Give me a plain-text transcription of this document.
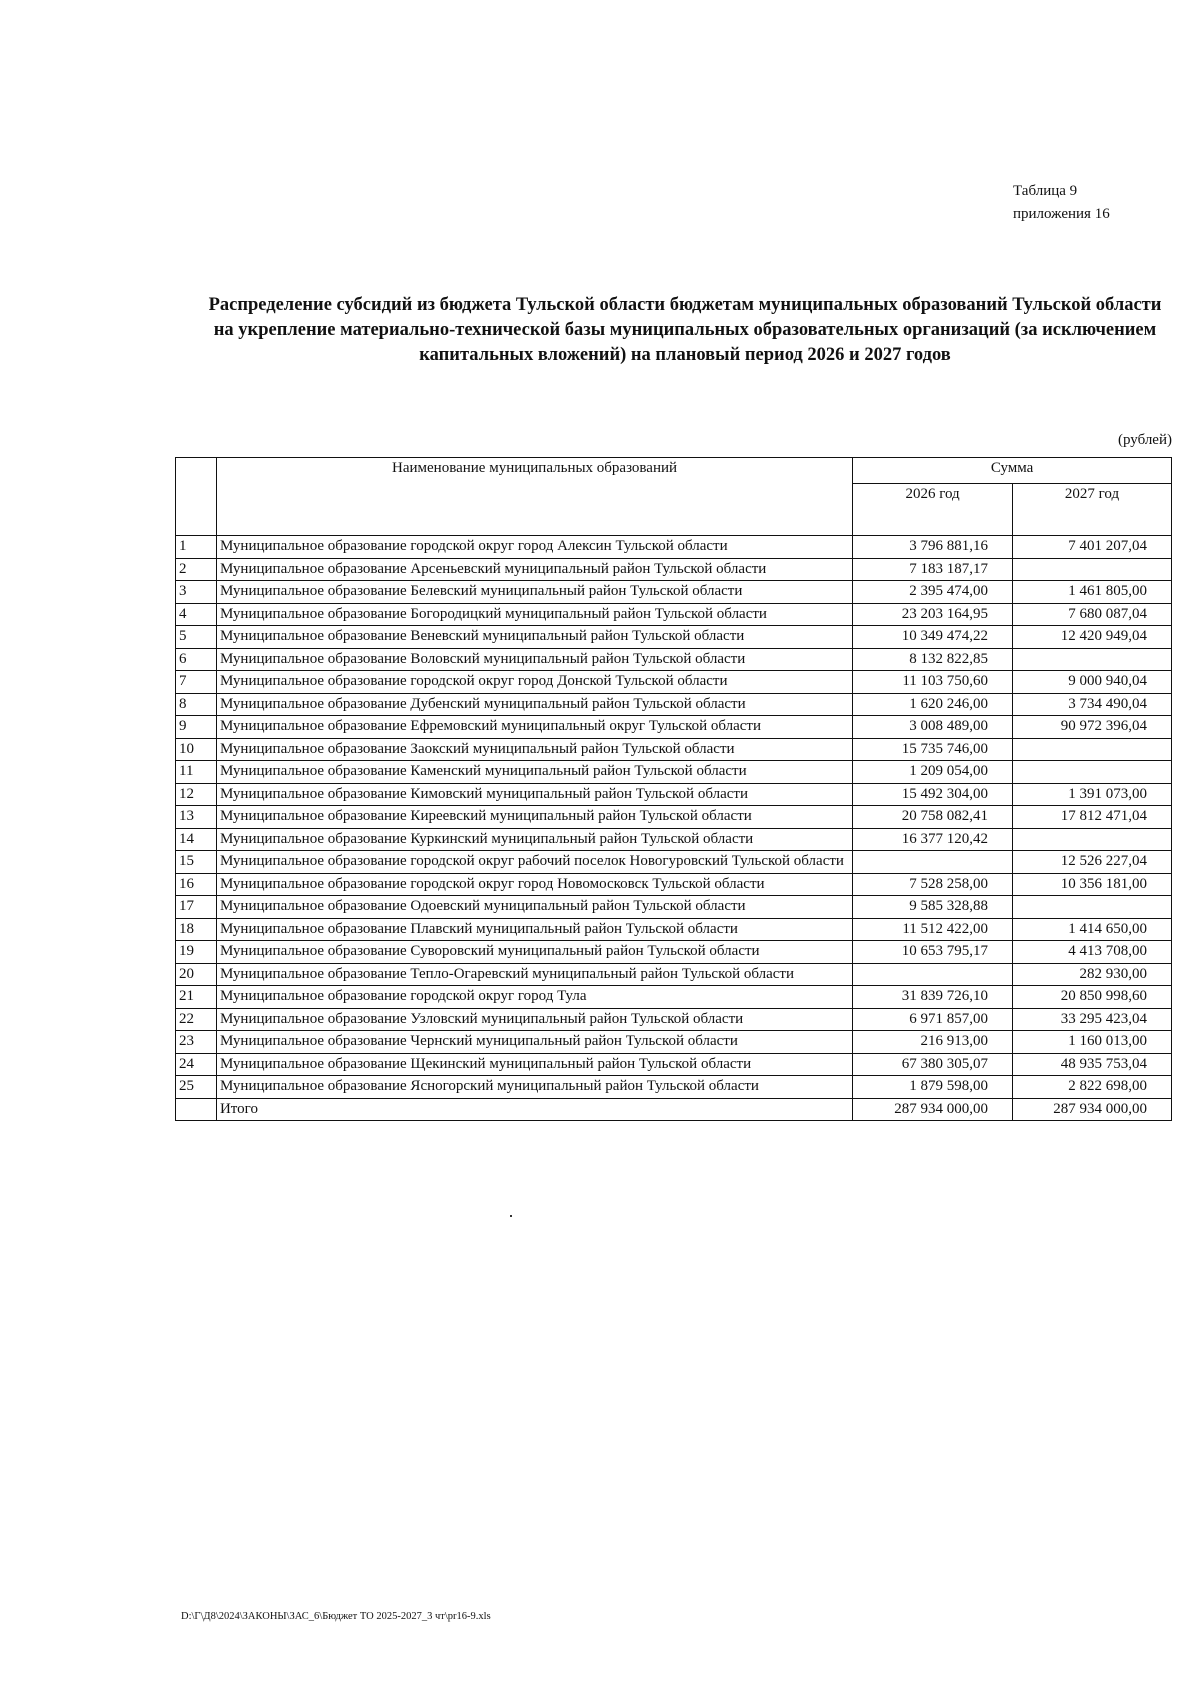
Таблица 9
приложения 16
Распределение субсидий из бюджета Тульской области бюджетам муниципальных образований Тульской области на укрепление материально-технической базы муниципальных образовательных организаций (за исключением капитальных вложений) на плановый период 2026 и 2027 годов
(рублей)
	Наименование муниципальных образований	Сумма	
		2026 год	2027 год
1	Муниципальное образование городской округ город Алексин Тульской области	3 796 881,16	7 401 207,04
2	Муниципальное образование Арсеньевский муниципальный район Тульской области	7 183 187,17	
3	Муниципальное образование Белевский муниципальный район Тульской области	2 395 474,00	1 461 805,00
4	Муниципальное образование Богородицкий муниципальный район Тульской области	23 203 164,95	7 680 087,04
5	Муниципальное образование Веневский муниципальный район Тульской области	10 349 474,22	12 420 949,04
6	Муниципальное образование Воловский муниципальный район Тульской области	8 132 822,85	
7	Муниципальное образование городской округ город Донской Тульской области	11 103 750,60	9 000 940,04
8	Муниципальное образование Дубенский муниципальный район Тульской области	1 620 246,00	3 734 490,04
9	Муниципальное образование Ефремовский муниципальный округ Тульской области	3 008 489,00	90 972 396,04
10	Муниципальное образование Заокский муниципальный район Тульской области	15 735 746,00	
11	Муниципальное образование Каменский муниципальный район Тульской области	1 209 054,00	
12	Муниципальное образование Кимовский муниципальный район Тульской области	15 492 304,00	1 391 073,00
13	Муниципальное образование Киреевский муниципальный район Тульской области	20 758 082,41	17 812 471,04
14	Муниципальное образование Куркинский муниципальный район Тульской области	16 377 120,42	
15	Муниципальное образование городской округ рабочий поселок Новогуровский Тульской области		12 526 227,04
16	Муниципальное образование городской округ город Новомосковск Тульской области	7 528 258,00	10 356 181,00
17	Муниципальное образование Одоевский муниципальный район Тульской области	9 585 328,88	
18	Муниципальное образование Плавский муниципальный район Тульской области	11 512 422,00	1 414 650,00
19	Муниципальное образование Суворовский муниципальный район Тульской области	10 653 795,17	4 413 708,00
20	Муниципальное образование Тепло-Огаревский муниципальный район Тульской области		282 930,00
21	Муниципальное образование городской округ город Тула	31 839 726,10	20 850 998,60
22	Муниципальное образование Узловский муниципальный район Тульской области	6 971 857,00	33 295 423,04
23	Муниципальное образование Чернский муниципальный район Тульской области	216 913,00	1 160 013,00
24	Муниципальное образование Щекинский муниципальный район Тульской области	67 380 305,07	48 935 753,04
25	Муниципальное образование Ясногорский муниципальный район Тульской области	1 879 598,00	2 822 698,00
	Итого	287 934 000,00	287 934 000,00
D:\Г\Д8\2024\ЗАКОНЫ\ЗАС_6\Бюджет ТО 2025-2027_3 чт\pr16-9.xls
